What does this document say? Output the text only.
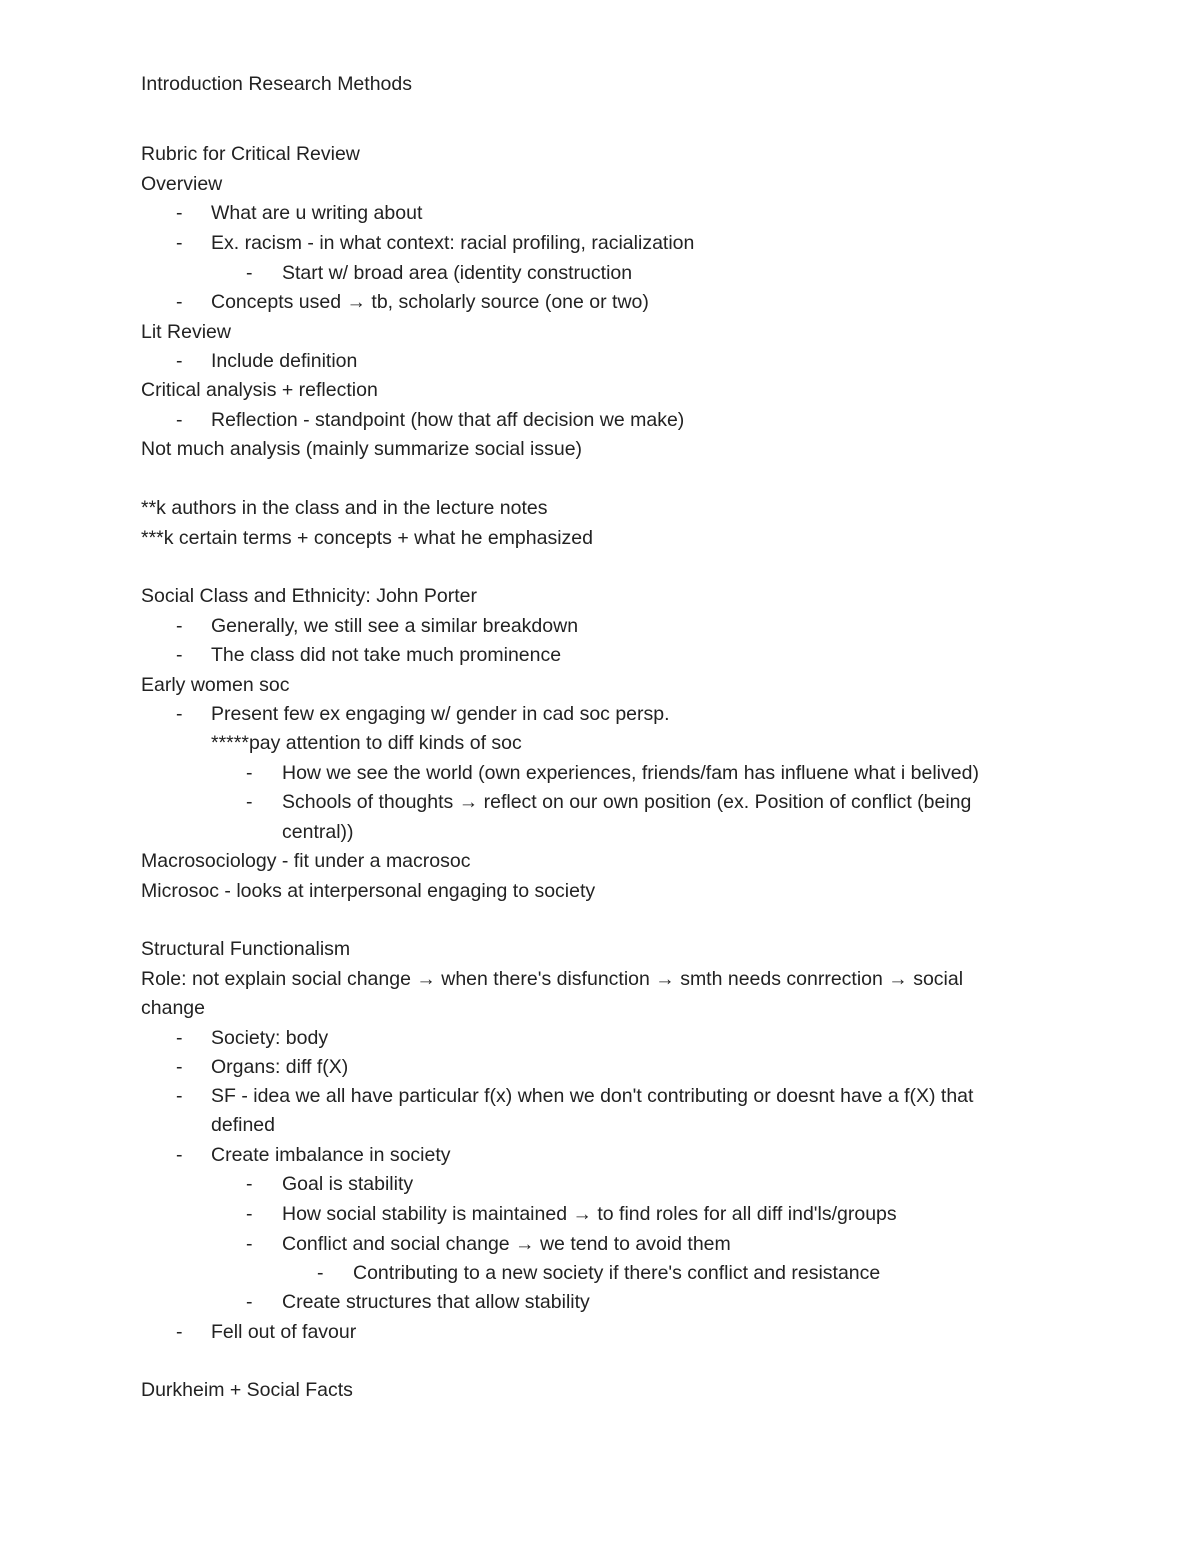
Introduction Research Methods
Rubric for Critical Review
Overview
- What are u writing about
- Ex. racism - in what context: racial profiling, racialization
- Start w/ broad area (identity construction
- Concepts used → tb, scholarly source (one or two)
Lit Review
- Include definition
Critical analysis + reflection
- Reflection - standpoint (how that aff decision we make)
Not much analysis (mainly summarize social issue)
**k authors in the class and in the lecture notes
***k certain terms + concepts + what he emphasized
Social Class and Ethnicity: John Porter
- Generally, we still see a similar breakdown
- The class did not take much prominence
Early women soc
- Present few ex engaging w/ gender in cad soc persp.
*****pay attention to diff kinds of soc
- How we see the world (own experiences, friends/fam has influene what i belived)
- Schools of thoughts → reflect on our own position (ex. Position of conflict (being
central))
Macrosociology - fit under a macrosoc
Microsoc - looks at interpersonal engaging to society
Structural Functionalism
Role: not explain social change → when there's disfunction → smth needs conrrection → social
change
- Society: body
- Organs: diff f(X)
- SF - idea we all have particular f(x) when we don't contributing or doesnt have a f(X) that
defined
- Create imbalance in society
- Goal is stability
- How social stability is maintained → to find roles for all diff ind'ls/groups
- Conflict and social change → we tend to avoid them
- Contributing to a new society if there's conflict and resistance
- Create structures that allow stability
- Fell out of favour
Durkheim + Social Facts
